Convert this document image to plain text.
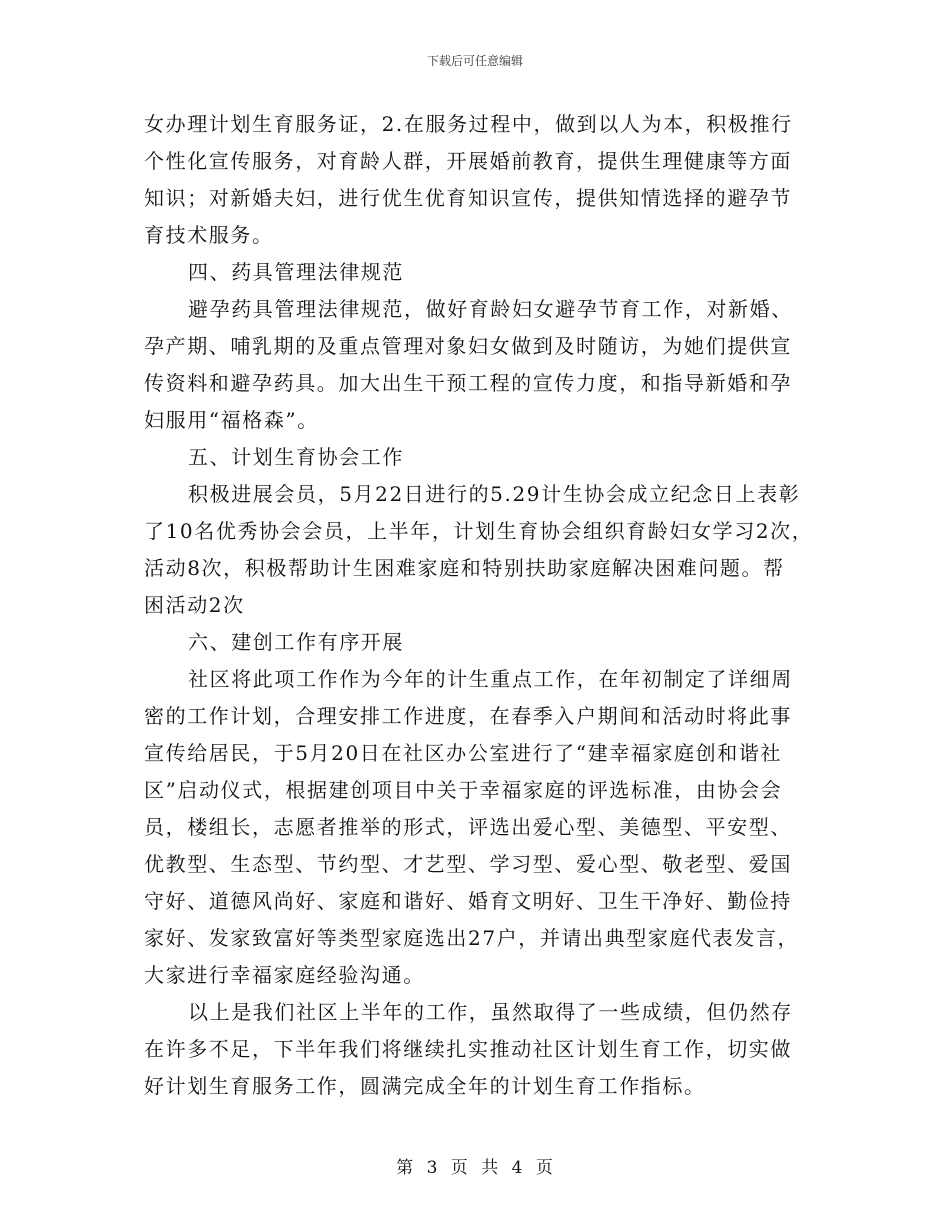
下载后可任意编辑
女办理计划生育服务证，2.在服务过程中，做到以人为本，积极推行
个性化宣传服务，对育龄人群，开展婚前教育，提供生理健康等方面
知识；对新婚夫妇，进行优生优育知识宣传，提供知情选择的避孕节
育技术服务。
四、药具管理法律规范
避孕药具管理法律规范，做好育龄妇女避孕节育工作，对新婚、
孕产期、哺乳期的及重点管理对象妇女做到及时随访，为她们提供宣
传资料和避孕药具。加大出生干预工程的宣传力度，和指导新婚和孕
妇服用“福格森”。
五、计划生育协会工作
积极进展会员，5月22日进行的5.29计生协会成立纪念日上表彰
了10名优秀协会会员，上半年，计划生育协会组织育龄妇女学习2次，
活动8次，积极帮助计生困难家庭和特别扶助家庭解决困难问题。帮
困活动2次
六、建创工作有序开展
社区将此项工作作为今年的计生重点工作，在年初制定了详细周
密的工作计划，合理安排工作进度，在春季入户期间和活动时将此事
宣传给居民，于5月20日在社区办公室进行了“建幸福家庭创和谐社
区”启动仪式，根据建创项目中关于幸福家庭的评选标准，由协会会
员，楼组长，志愿者推举的形式，评选出爱心型、美德型、平安型、
优教型、生态型、节约型、才艺型、学习型、爱心型、敬老型、爱国
守好、道德风尚好、家庭和谐好、婚育文明好、卫生干净好、勤俭持
家好、发家致富好等类型家庭选出27户，并请出典型家庭代表发言，
大家进行幸福家庭经验沟通。
以上是我们社区上半年的工作，虽然取得了一些成绩，但仍然存
在许多不足，下半年我们将继续扎实推动社区计划生育工作，切实做
好计划生育服务工作，圆满完成全年的计划生育工作指标。
第 3 页 共 4 页
